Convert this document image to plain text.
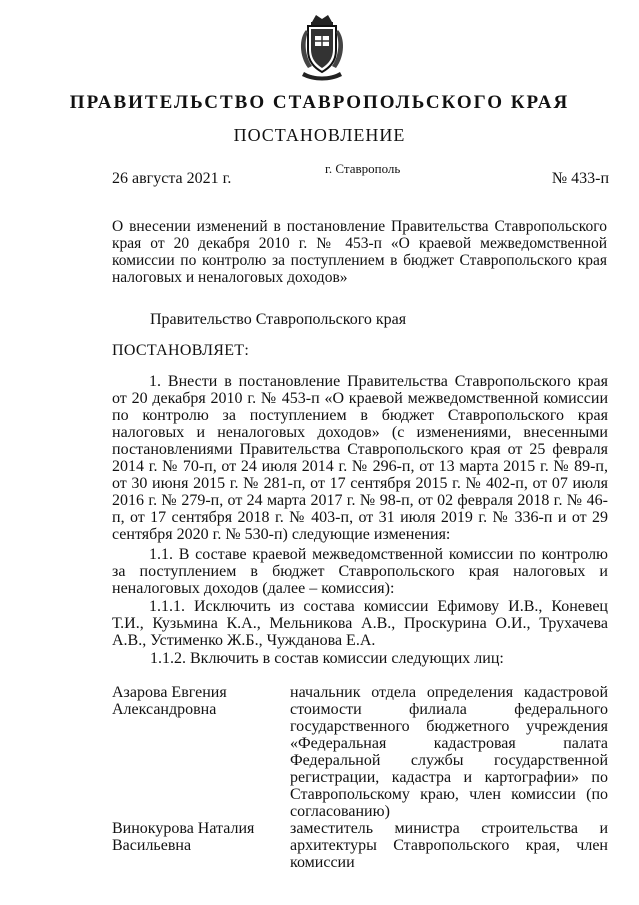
ПРАВИТЕЛЬСТВО СТАВРОПОЛЬСКОГО КРАЯ
ПОСТАНОВЛЕНИЕ
26 августа 2021 г.
г. Ставрополь
№ 433-п
О внесении изменений в постановление Правительства Ставропольского края от 20 декабря 2010 г. № 453-п «О краевой межведомственной комиссии по контролю за поступлением в бюджет Ставропольского края налоговых и неналоговых доходов»
Правительство Ставропольского края
ПОСТАНОВЛЯЕТ:
1. Внести в постановление Правительства Ставропольского края от 20 декабря 2010 г. № 453-п «О краевой межведомственной комиссии по контролю за поступлением в бюджет Ставропольского края налоговых и неналоговых доходов» (с изменениями, внесенными постановлениями Правительства Ставропольского края от 25 февраля 2014 г. № 70-п, от 24 июля 2014 г. № 296-п, от 13 марта 2015 г. № 89-п, от 30 июня 2015 г. № 281-п, от 17 сентября 2015 г. № 402-п, от 07 июля 2016 г. № 279-п, от 24 марта 2017 г. № 98-п, от 02 февраля 2018 г. № 46-п, от 17 сентября 2018 г. № 403-п, от 31 июля 2019 г. № 336-п и от 29 сентября 2020 г. № 530-п) следующие изменения:
1.1. В составе краевой межведомственной комиссии по контролю за поступлением в бюджет Ставропольского края налоговых и неналоговых доходов (далее – комиссия):
1.1.1. Исключить из состава комиссии Ефимову И.В., Коневец Т.И., Кузьмина К.А., Мельникова А.В., Проскурина О.И., Трухачева А.В., Устименко Ж.Б., Чужданова Е.А.
1.1.2. Включить в состав комиссии следующих лиц:
Азарова Евгения Александровна
начальник отдела определения кадастровой стоимости филиала федерального государственного бюджетного учреждения «Федеральная кадастровая палата Федеральной службы государственной регистрации, кадастра и картографии» по Ставропольскому краю, член комиссии (по согласованию)
Винокурова Наталия Васильевна
заместитель министра строительства и архитектуры Ставропольского края, член комиссии
